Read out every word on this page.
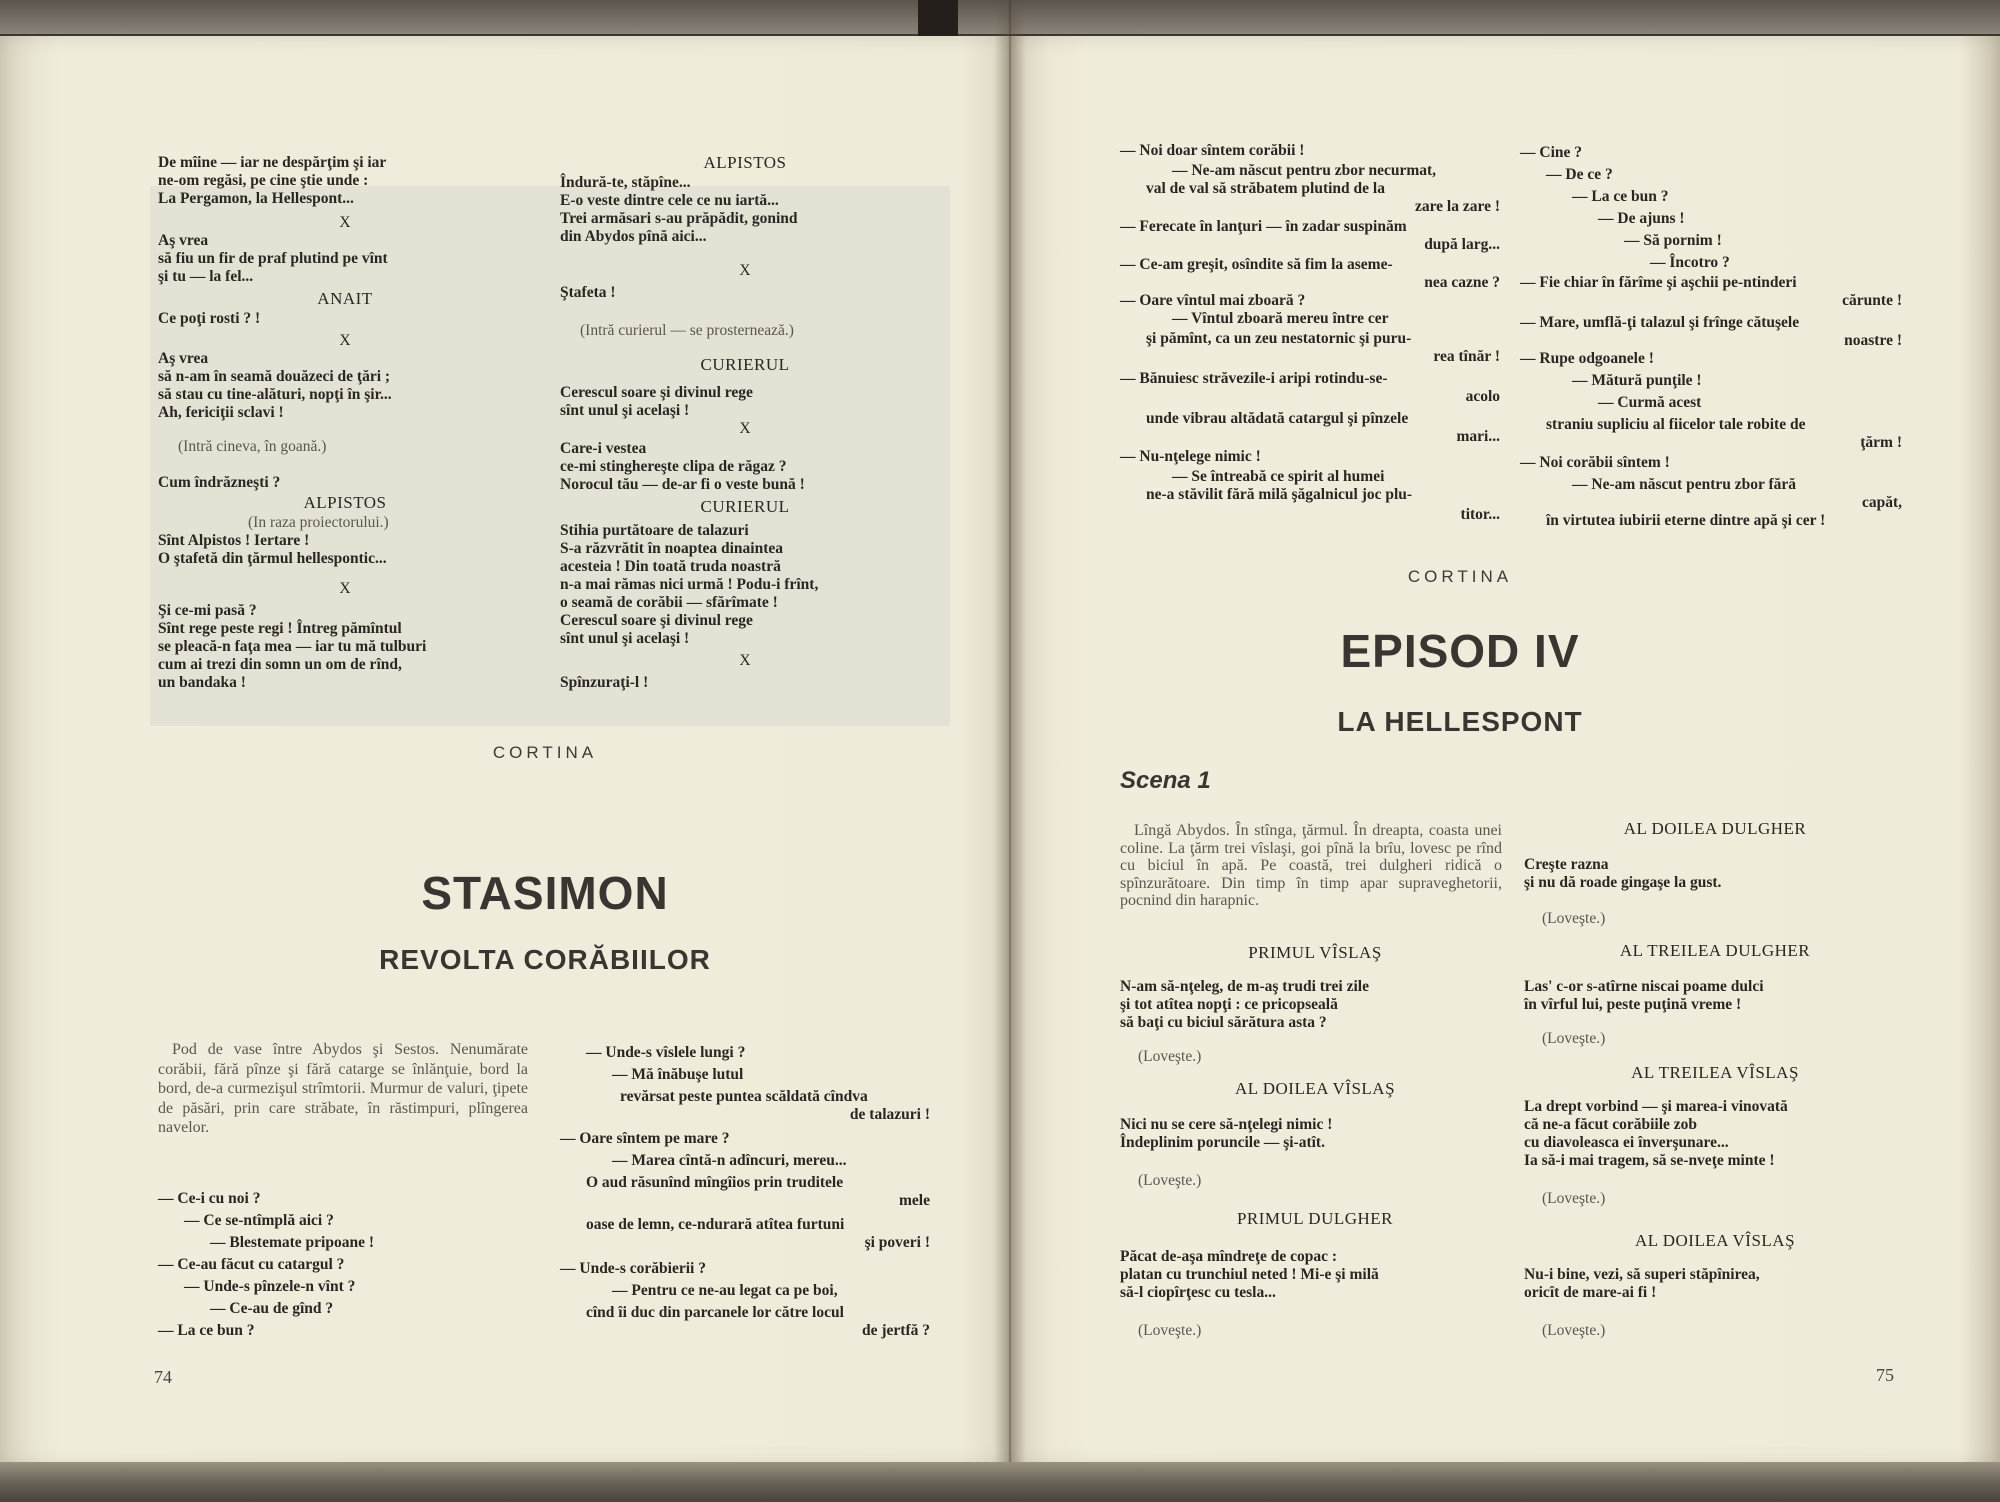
De mîine — iar ne despărţim şi iar
ne-om regăsi, pe cine ştie unde :
La Pergamon, la Hellespont...
X
Aş vrea
să fiu un fir de praf plutind pe vînt
şi tu — la fel...
ANAIT
Ce poţi rosti ? !
X
Aş vrea
să n-am în seamă douăzeci de ţări ;
să stau cu tine-alături, nopţi în şir...
Ah, fericiţii sclavi !
(Intră cineva, în goană.)
Cum îndrăzneşti ?
ALPISTOS
(In raza proiectorului.)
Sînt Alpistos ! Iertare !
O ştafetă din ţărmul hellespontic...
X
Şi ce-mi pasă ?
Sînt rege peste regi ! Întreg pămîntul
se pleacă-n faţa mea — iar tu mă tulburi
cum ai trezi din somn un om de rînd,
un bandaka !
ALPISTOS
Îndură-te, stăpîne...
E-o veste dintre cele ce nu iartă...
Trei armăsari s-au prăpădit, gonind
din Abydos pînă aici...
X
Ştafeta !
(Intră curierul — se prosternează.)
CURIERUL
Cerescul soare şi divinul rege
sînt unul şi acelaşi !
X
Care-i vestea
ce-mi stinghereşte clipa de răgaz ?
Norocul tău — de-ar fi o veste bună !
CURIERUL
Stihia purtătoare de talazuri
S-a răzvrătit în noaptea dinaintea
acesteia ! Din toată truda noastră
n-a mai rămas nici urmă ! Podu-i frînt,
o seamă de corăbii — sfărîmate !
Cerescul soare şi divinul rege
sînt unul şi acelaşi !
X
Spînzuraţi-l !
CORTINA
STASIMON
REVOLTA CORĂBIILOR
Pod de vase între Abydos şi Sestos. Nenumărate corăbii, fără pînze şi fără catarge se înlănţuie, bord la bord, de-a curmezişul strîmtorii. Murmur de valuri, ţipete de păsări, prin care străbate, în răstimpuri, plîngerea navelor.
— Ce-i cu noi ?
— Ce se-ntîmplă aici ?
— Blestemate pripoane !
— Ce-au făcut cu catargul ?
— Unde-s pînzele-n vînt ?
— Ce-au de gînd ?
— La ce bun ?
— Unde-s vîslele lungi ?
— Mă înăbuşe lutul
revărsat peste puntea scăldată cîndva
de talazuri !
— Oare sîntem pe mare ?
— Marea cîntă-n adîncuri, mereu...
O aud răsunînd mîngîios prin truditele
mele
oase de lemn, ce-ndurară atîtea furtuni
şi poveri !
— Unde-s corăbierii ?
— Pentru ce ne-au legat ca pe boi,
cînd îi duc din parcanele lor către locul
de jertfă ?
74
— Noi doar sîntem corăbii !
— Ne-am născut pentru zbor necurmat,
val de val să străbatem plutind de la
zare la zare !
— Ferecate în lanţuri — în zadar suspinăm
după larg...
— Ce-am greşit, osîndite să fim la aseme-
nea cazne ?
— Oare vîntul mai zboară ?
— Vîntul zboară mereu între cer
şi pămînt, ca un zeu nestatornic şi puru-
rea tînăr !
— Bănuiesc străvezile-i aripi rotindu-se-
acolo
unde vibrau altădată catargul şi pînzele
mari...
— Nu-nţelege nimic !
— Se întreabă ce spirit al humei
ne-a stăvilit fără milă şăgalnicul joc plu-
titor...
— Cine ?
— De ce ?
— La ce bun ?
— De ajuns !
— Să pornim !
— Încotro ?
— Fie chiar în fărîme şi aşchii pe-ntinderi
cărunte !
— Mare, umflă-ţi talazul şi frînge cătuşele
noastre !
— Rupe odgoanele !
— Mătură punţile !
— Curmă acest
straniu supliciu al fiicelor tale robite de
ţărm !
— Noi corăbii sîntem !
— Ne-am născut pentru zbor fără
capăt,
în virtutea iubirii eterne dintre apă şi cer !
CORTINA
EPISOD IV
LA HELLESPONT
Scena 1
Lîngă Abydos. În stînga, ţărmul. În dreapta, coasta unei coline. La ţărm trei vîslaşi, goi pînă la brîu, lovesc pe rînd cu biciul în apă. Pe coastă, trei dulgheri ridică o spînzurătoare. Din timp în timp apar supraveghetorii, pocnind din harapnic.
PRIMUL VÎSLAŞ
N-am să-nţeleg, de m-aş trudi trei zile
şi tot atîtea nopţi : ce pricopseală
să baţi cu biciul sărătura asta ?
(Loveşte.)
AL DOILEA VÎSLAŞ
Nici nu se cere să-nţelegi nimic !
Îndeplinim poruncile — şi-atît.
(Loveşte.)
PRIMUL DULGHER
Păcat de-aşa mîndreţe de copac :
platan cu trunchiul neted ! Mi-e şi milă
să-l ciopîrţesc cu tesla...
(Loveşte.)
AL DOILEA DULGHER
Creşte razna
şi nu dă roade gingaşe la gust.
(Loveşte.)
AL TREILEA DULGHER
Las' c-or s-atîrne niscai poame dulci
în vîrful lui, peste puţină vreme !
(Loveşte.)
AL TREILEA VÎSLAŞ
La drept vorbind — şi marea-i vinovată
că ne-a făcut corăbiile zob
cu diavoleasca ei înverşunare...
Ia să-i mai tragem, să se-nveţe minte !
(Loveşte.)
AL DOILEA VÎSLAŞ
Nu-i bine, vezi, să superi stăpînirea,
oricît de mare-ai fi !
(Loveşte.)
75
